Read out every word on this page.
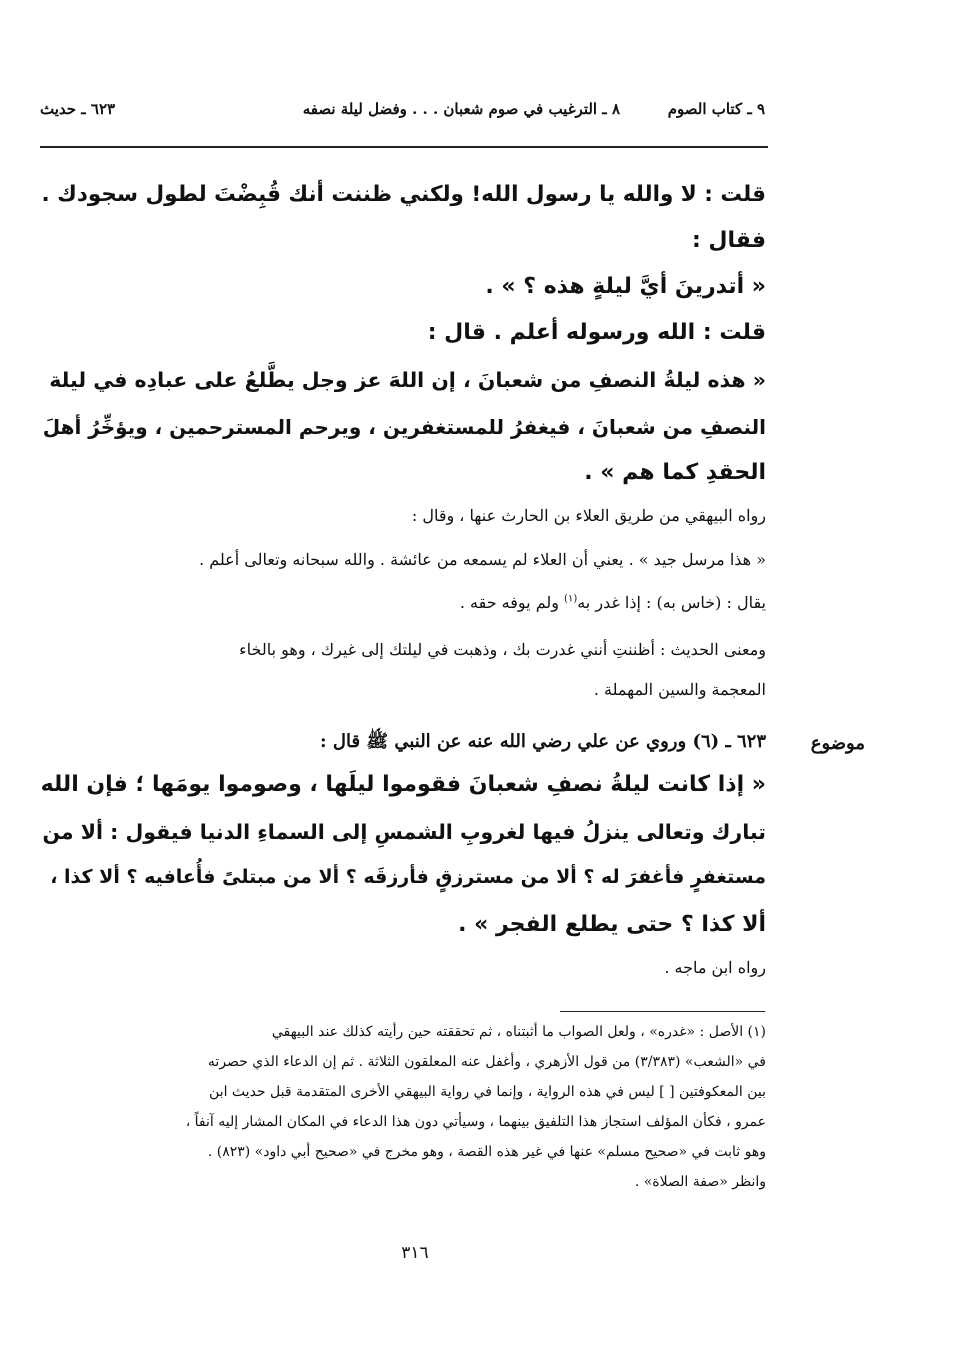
٩ ـ كتاب الصوم
٨ ـ الترغيب في صوم شعبان . . . وفضل ليلة نصفه
٦٢٣ ـ حديث
قلت : لا والله يا رسول الله! ولكني ظننت أنك قُبِضْتَ لطول سجودك .
فقال :
« أتدرينَ أيَّ ليلةٍ هذه ؟ » .
قلت : الله ورسوله أعلم . قال :
« هذه ليلةُ النصفِ من شعبانَ ، إن اللهَ عز وجل يطَّلعُ على عبادِه في ليلة
النصفِ من شعبانَ ، فيغفرُ للمستغفرين ، ويرحم المسترحمين ، ويؤخِّرُ أهلَ
الحقدِ كما هم » .
رواه البيهقي من طريق العلاء بن الحارث عنها ، وقال :
« هذا مرسل جيد » . يعني أن العلاء لم يسمعه من عائشة . والله سبحانه وتعالى أعلم .
يقال : (خاس به) : إذا غدر به$^{(١)}$ ولم يوفه حقه .
ومعنى الحديث : أظننتِ أنني غدرت بك ، وذهبت في ليلتك إلى غيرك ، وهو بالخاء
المعجمة والسين المهملة .
٦٢٣ ـ (٦) وروي عن علي رضي الله عنه عن النبي ﷺ قال :
« إذا كانت ليلةُ نصفِ شعبانَ فقوموا ليلَها ، وصوموا يومَها ؛ فإن الله
تبارك وتعالى ينزلُ فيها لغروبِ الشمسِ إلى السماءِ الدنيا فيقول : ألا من
مستغفرٍ فأغفرَ له ؟ ألا من مسترزقٍ فأرزقَه ؟ ألا من مبتلىً فأُعافيه ؟ ألا كذا ،
ألا كذا ؟ حتى يطلع الفجر » .
رواه ابن ماجه .
موضوع
(١) الأصل : «غدره» ، ولعل الصواب ما أثبتناه ، ثم تحققته حين رأيته كذلك عند البيهقي
في «الشعب» (٣/٣٨٣) من قول الأزهري ، وأغفل عنه المعلقون الثلاثة . ثم إن الدعاء الذي حصرته
بين المعكوفتين [ ] ليس في هذه الرواية ، وإنما في رواية البيهقي الأخرى المتقدمة قبل حديث ابن
عمرو ، فكأن المؤلف استجاز هذا التلفيق بينهما ، وسيأتي دون هذا الدعاء في المكان المشار إليه آنفاً ،
وهو ثابت في «صحيح مسلم» عنها في غير هذه القصة ، وهو مخرج في «صحيح أبي داود» (٨٢٣) .
وانظر «صفة الصلاة» .
٣١٦
